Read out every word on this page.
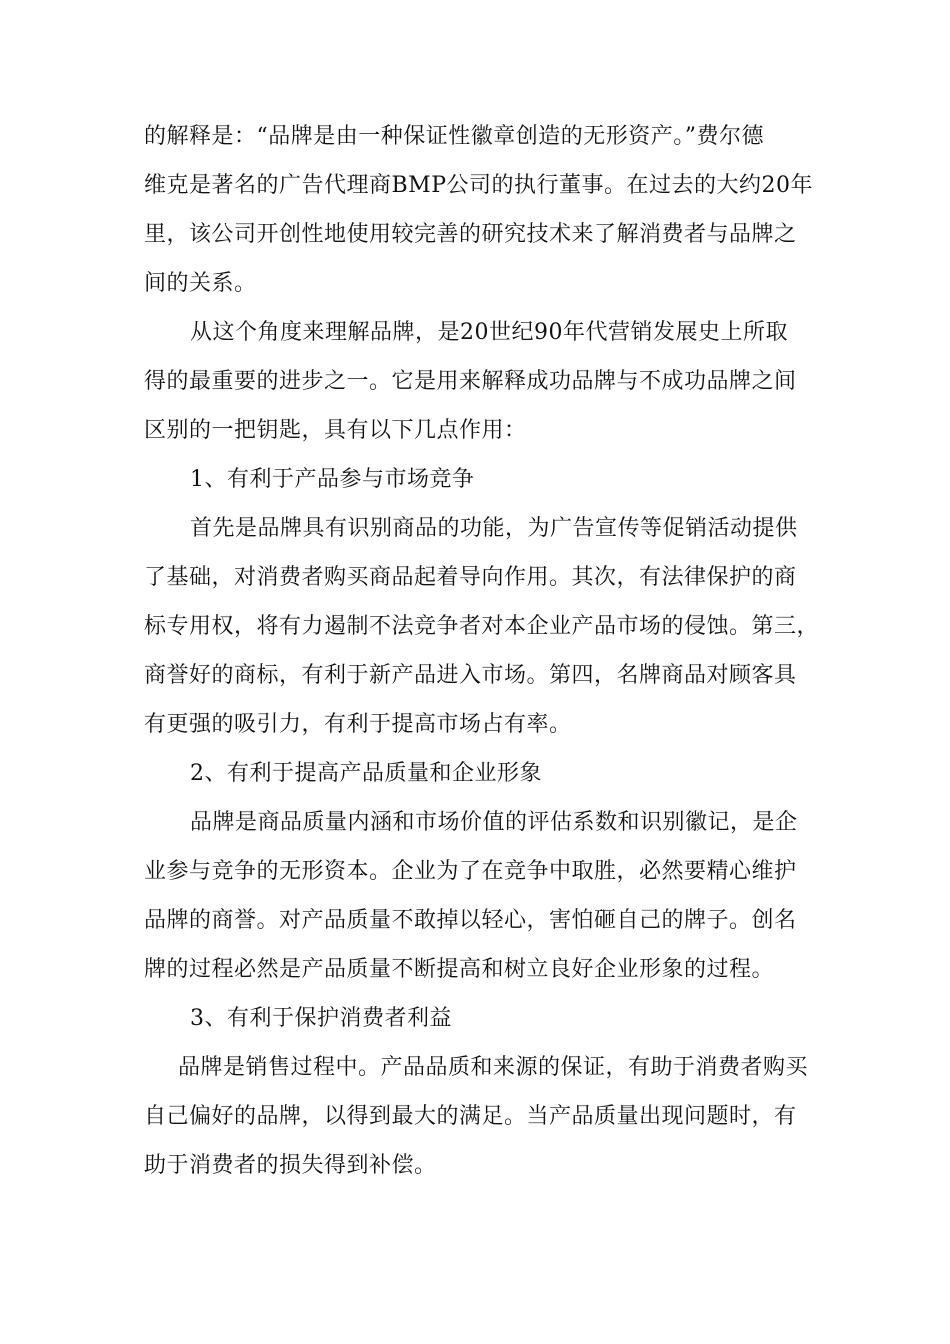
的解释是：“品牌是由一种保证性徽章创造的无形资产。”费尔德
维克是著名的广告代理商BMP公司的执行董事。在过去的大约20年
里，该公司开创性地使用较完善的研究技术来了解消费者与品牌之
间的关系。
从这个角度来理解品牌，是20世纪90年代营销发展史上所取
得的最重要的进步之一。它是用来解释成功品牌与不成功品牌之间
区别的一把钥匙，具有以下几点作用：
1、有利于产品参与市场竞争
首先是品牌具有识别商品的功能，为广告宣传等促销活动提供
了基础，对消费者购买商品起着导向作用。其次，有法律保护的商
标专用权，将有力遏制不法竞争者对本企业产品市场的侵蚀。第三，
商誉好的商标，有利于新产品进入市场。第四，名牌商品对顾客具
有更强的吸引力，有利于提高市场占有率。
2、有利于提高产品质量和企业形象
品牌是商品质量内涵和市场价值的评估系数和识别徽记，是企
业参与竞争的无形资本。企业为了在竞争中取胜，必然要精心维护
品牌的商誉。对产品质量不敢掉以轻心，害怕砸自己的牌子。创名
牌的过程必然是产品质量不断提高和树立良好企业形象的过程。
3、有利于保护消费者利益
品牌是销售过程中。产品品质和来源的保证，有助于消费者购买
自己偏好的品牌，以得到最大的满足。当产品质量出现问题时，有
助于消费者的损失得到补偿。
